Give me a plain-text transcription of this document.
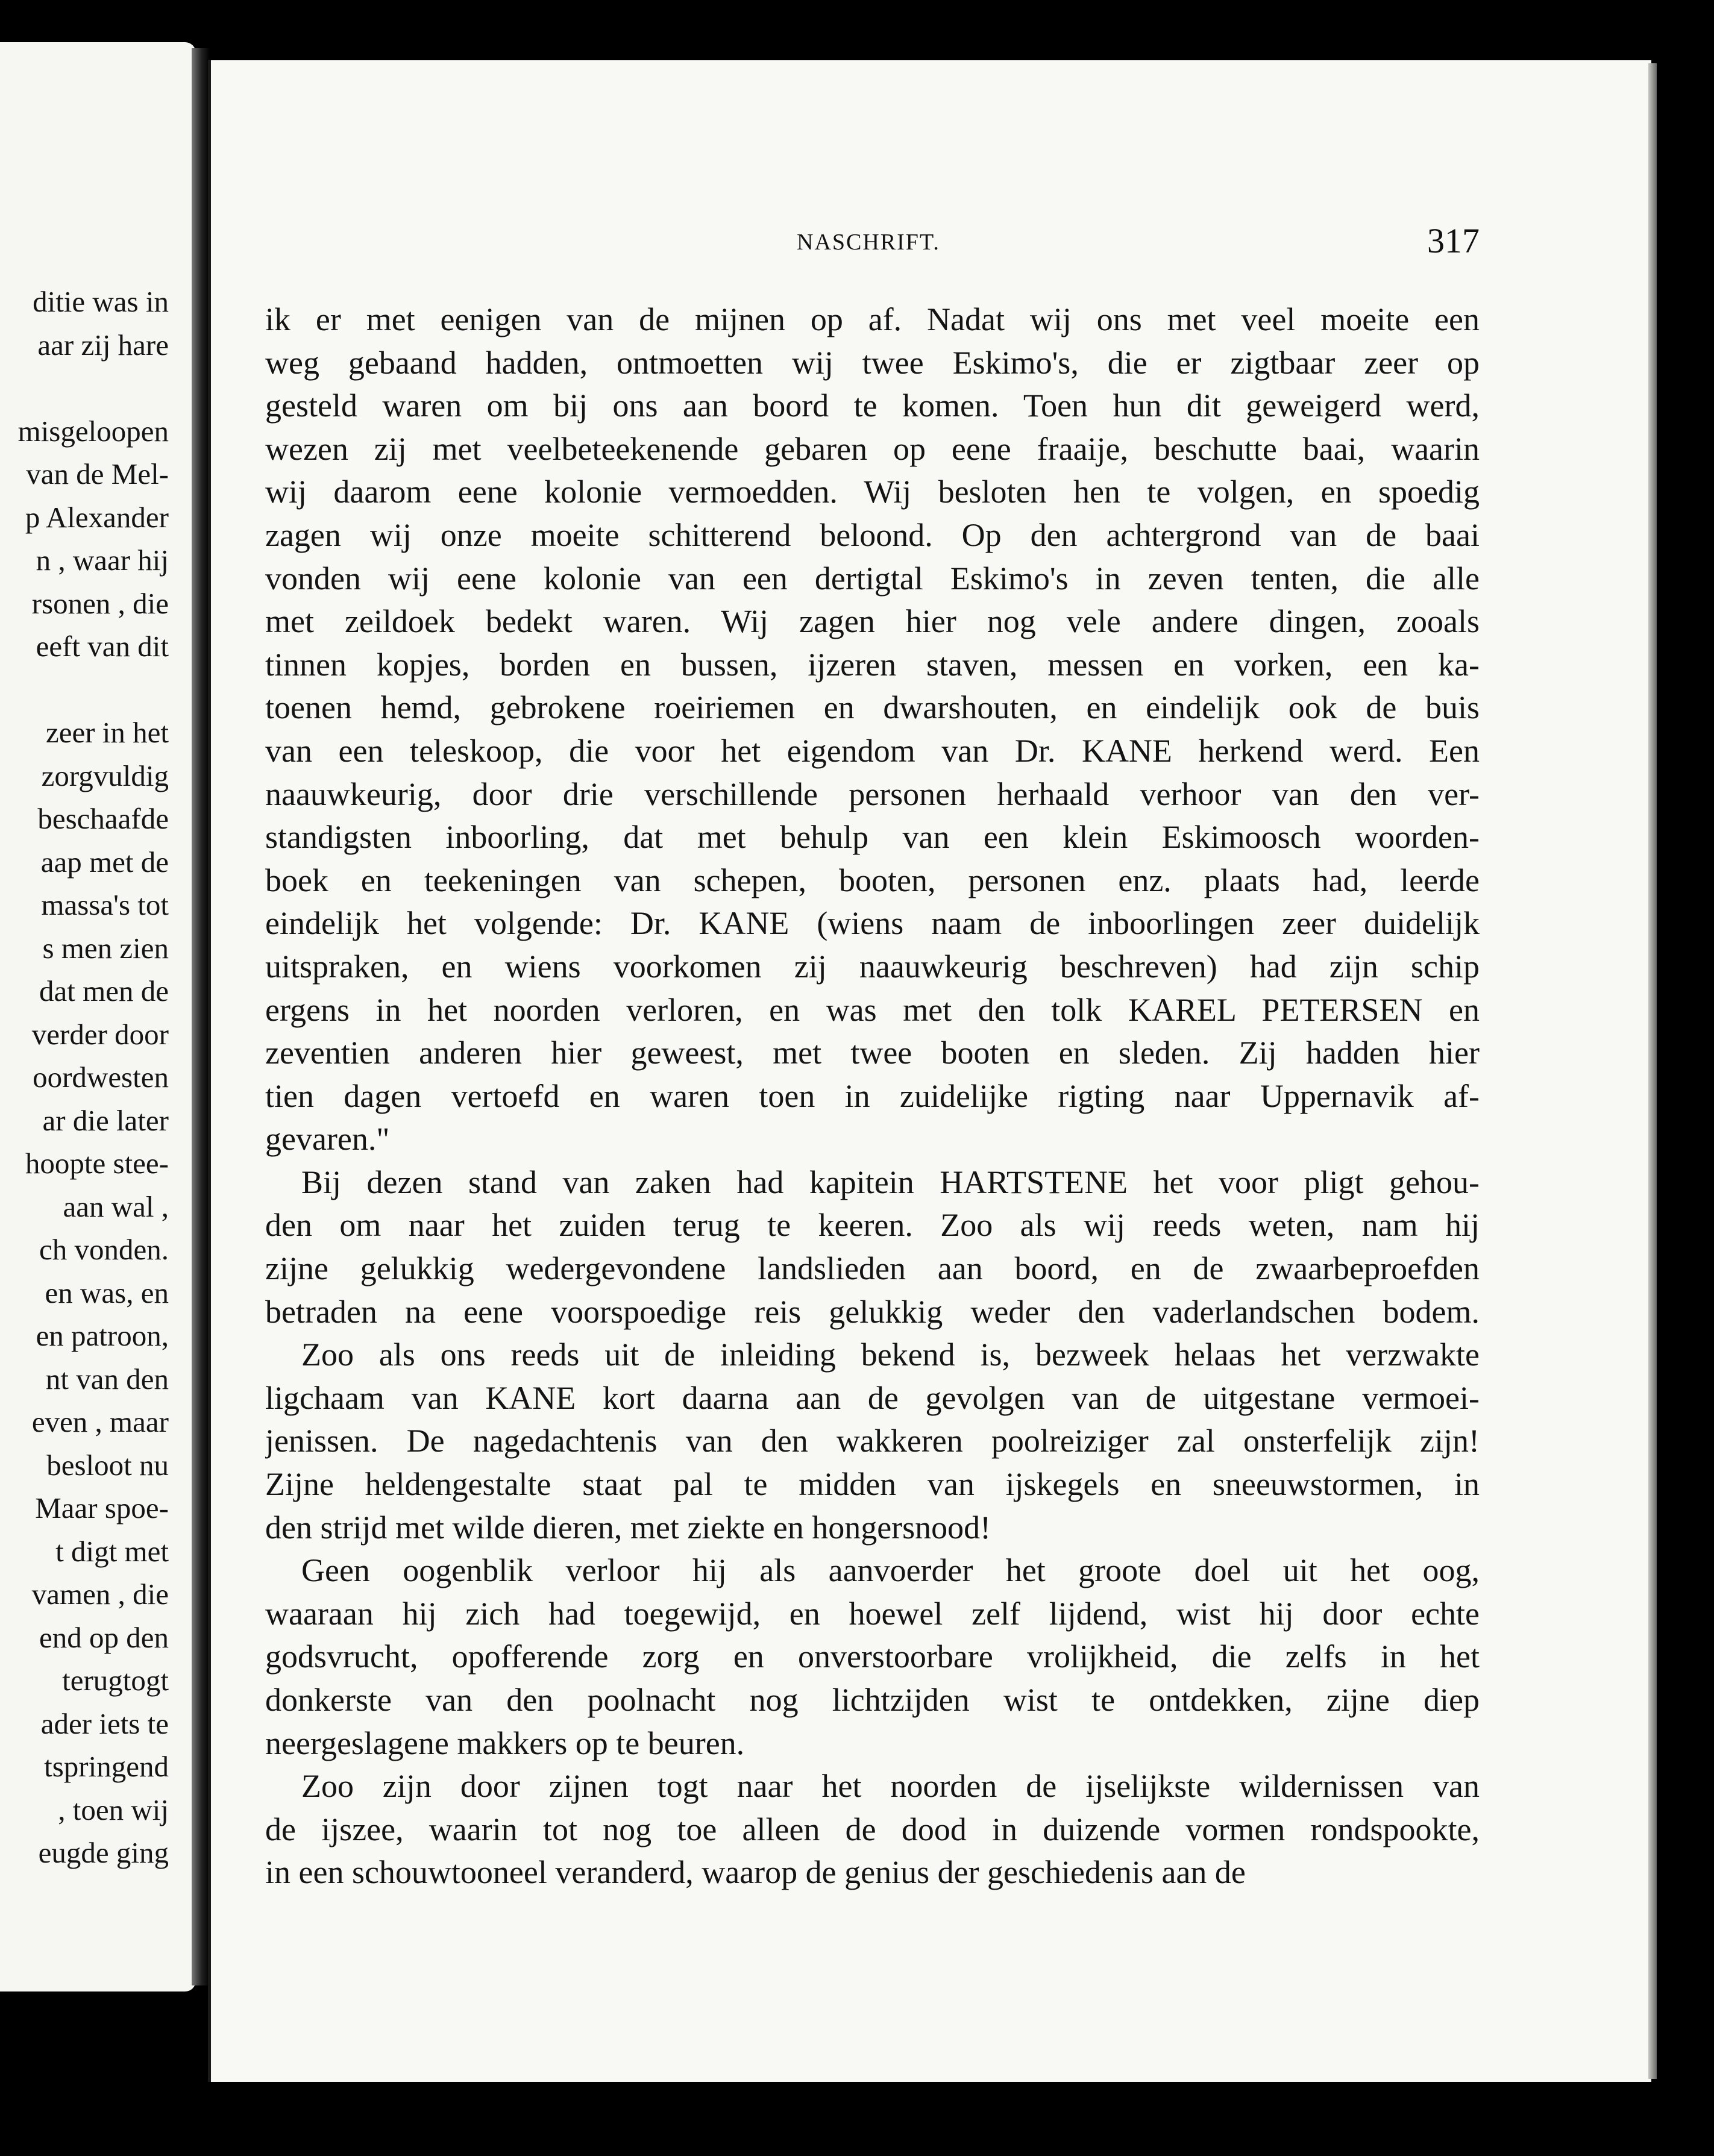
ditie was in
aar zij hare
misgeloopen
van de Mel-
p Alexander
n , waar hij
rsonen , die
eeft van dit
zeer in het
zorgvuldig
beschaafde
aap met de
massa's tot
s men zien
dat men de
verder door
oordwesten
ar die later
hoopte stee-
aan wal ,
ch vonden.
en was, en
en patroon,
nt van den
even , maar
besloot nu
Maar spoe-
t digt met
vamen , die
end op den
terugtogt
ader iets te
tspringend
, toen wij
eugde ging
NASCHRIFT.	317
ik er met eenigen van de mijnen op af. Nadat wij ons met veel moeite een
weg gebaand hadden, ontmoetten wij twee Eskimo's, die er zigtbaar zeer op
gesteld waren om bij ons aan boord te komen. Toen hun dit geweigerd werd,
wezen zij met veelbeteekenende gebaren op eene fraaije, beschutte baai, waarin
wij daarom eene kolonie vermoedden. Wij besloten hen te volgen, en spoedig
zagen wij onze moeite schitterend beloond. Op den achtergrond van de baai
vonden wij eene kolonie van een dertigtal Eskimo's in zeven tenten, die alle
met zeildoek bedekt waren. Wij zagen hier nog vele andere dingen, zooals
tinnen kopjes, borden en bussen, ijzeren staven, messen en vorken, een ka-
toenen hemd, gebrokene roeiriemen en dwarshouten, en eindelijk ook de buis
van een teleskoop, die voor het eigendom van Dr. KANE herkend werd. Een
naauwkeurig, door drie verschillende personen herhaald verhoor van den ver-
standigsten inboorling, dat met behulp van een klein Eskimoosch woorden-
boek en teekeningen van schepen, booten, personen enz. plaats had, leerde
eindelijk het volgende: Dr. KANE (wiens naam de inboorlingen zeer duidelijk
uitspraken, en wiens voorkomen zij naauwkeurig beschreven) had zijn schip
ergens in het noorden verloren, en was met den tolk KAREL PETERSEN en
zeventien anderen hier geweest, met twee booten en sleden. Zij hadden hier
tien dagen vertoefd en waren toen in zuidelijke rigting naar Uppernavik af-
gevaren."
Bij dezen stand van zaken had kapitein HARTSTENE het voor pligt gehou-
den om naar het zuiden terug te keeren. Zoo als wij reeds weten, nam hij
zijne gelukkig wedergevondene landslieden aan boord, en de zwaarbeproefden
betraden na eene voorspoedige reis gelukkig weder den vaderlandschen bodem.
Zoo als ons reeds uit de inleiding bekend is, bezweek helaas het verzwakte
ligchaam van KANE kort daarna aan de gevolgen van de uitgestane vermoei-
jenissen. De nagedachtenis van den wakkeren poolreiziger zal onsterfelijk zijn!
Zijne heldengestalte staat pal te midden van ijskegels en sneeuwstormen, in
den strijd met wilde dieren, met ziekte en hongersnood!
Geen oogenblik verloor hij als aanvoerder het groote doel uit het oog,
waaraan hij zich had toegewijd, en hoewel zelf lijdend, wist hij door echte
godsvrucht, opofferende zorg en onverstoorbare vrolijkheid, die zelfs in het
donkerste van den poolnacht nog lichtzijden wist te ontdekken, zijne diep
neergeslagene makkers op te beuren.
Zoo zijn door zijnen togt naar het noorden de ijselijkste wildernissen van
de ijszee, waarin tot nog toe alleen de dood in duizende vormen rondspookte,
in een schouwtooneel veranderd, waarop de genius der geschiedenis aan de
